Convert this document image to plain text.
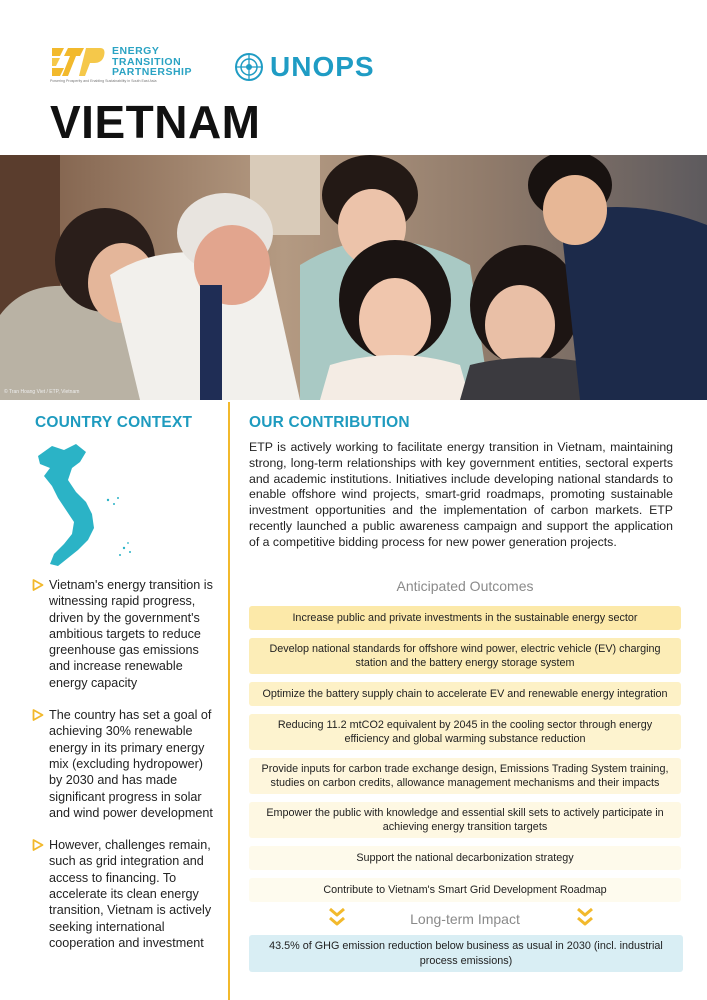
ENERGY
TRANSITION
PARTNERSHIP
Powering Prosperity and Enabling Sustainability in South East Asia	UNOPS
VIETNAM
© Tran Hoang Viet / ETP, Vietnam
COUNTRY CONTEXT
Vietnam's energy transition is witnessing rapid progress, driven by the government's ambitious targets to reduce greenhouse gas emissions and increase renewable energy capacity
The country has set a goal of achieving 30% renewable energy in its primary energy mix (excluding hydropower) by 2030 and has made significant progress in solar and wind power development
However, challenges remain, such as grid integration and access to financing. To accelerate its clean energy transition, Vietnam is actively seeking international cooperation and investment
OUR CONTRIBUTION
ETP is actively working to facilitate energy transition in Vietnam, maintaining strong, long-term relationships with key government entities, sectoral experts and academic institutions. Initiatives include developing national standards to enable offshore wind projects, smart-grid roadmaps, promoting sustainable investment opportunities and the implementation of carbon markets. ETP recently launched a public awareness campaign and support the application of a competitive bidding process for new power generation projects.
Anticipated Outcomes
Increase public and private investments in the sustainable energy sector
Develop national standards for offshore wind power, electric vehicle (EV) charging station and the battery energy storage system
Optimize the battery supply chain to accelerate EV and renewable energy integration
Reducing 11.2 mtCO2 equivalent by 2045 in the cooling sector through energy efficiency and global warming substance reduction
Provide inputs for carbon trade exchange design, Emissions Trading System training, studies on carbon credits, allowance management mechanisms and their impacts
Empower the public with knowledge and essential skill sets to actively participate in achieving energy transition targets
Support the national decarbonization strategy
Contribute to Vietnam's Smart Grid Development Roadmap
Long-term Impact
43.5% of GHG emission reduction below business as usual in 2030 (incl. industrial process emissions)
